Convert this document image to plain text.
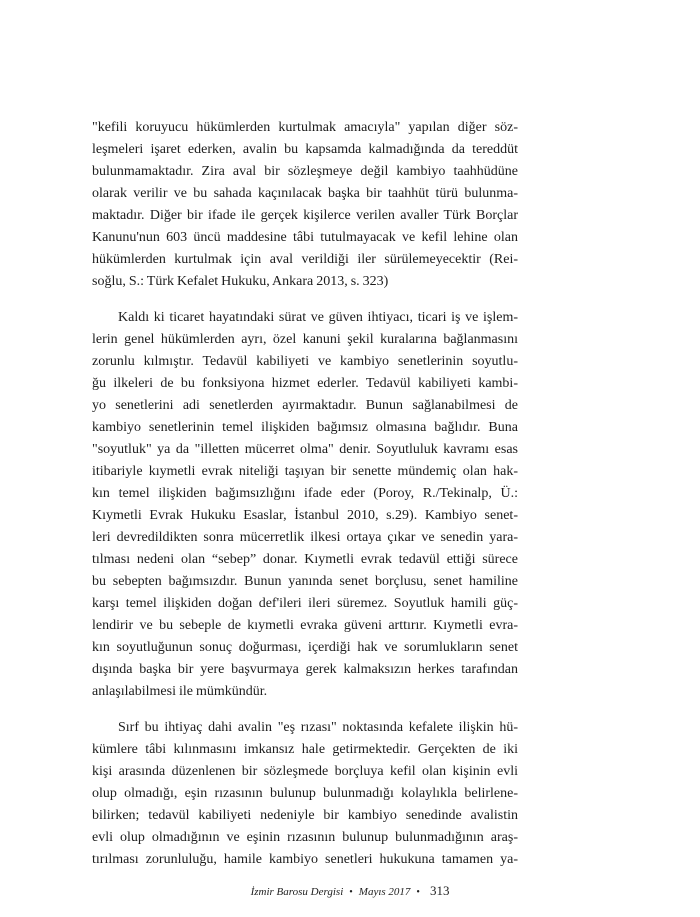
"kefili koruyucu hükümlerden kurtulmak amacıyla" yapılan diğer söz-
leşmeleri işaret ederken, avalin bu kapsamda kalmadığında da tereddüt
bulunmamaktadır. Zira aval bir sözleşmeye değil kambiyo taahhüdüne
olarak verilir ve bu sahada kaçınılacak başka bir taahhüt türü bulunma-
maktadır. Diğer bir ifade ile gerçek kişilerce verilen avaller Türk Borçlar
Kanunu'nun 603 üncü maddesine tâbi tutulmayacak ve kefil lehine olan
hükümlerden kurtulmak için aval verildiği iler sürülemeyecektir (Rei-
soğlu, S.: Türk Kefalet Hukuku, Ankara 2013, s. 323)
Kaldı ki ticaret hayatındaki sürat ve güven ihtiyacı, ticari iş ve işlem-
lerin genel hükümlerden ayrı, özel kanuni şekil kuralarına bağlanmasını
zorunlu kılmıştır. Tedavül kabiliyeti ve kambiyo senetlerinin soyutlu-
ğu ilkeleri de bu fonksiyona hizmet ederler. Tedavül kabiliyeti kambi-
yo senetlerini adi senetlerden ayırmaktadır. Bunun sağlanabilmesi de
kambiyo senetlerinin temel ilişkiden bağımsız olmasına bağlıdır. Buna
"soyutluk" ya da "illetten mücerret olma" denir. Soyutluluk kavramı esas
itibariyle kıymetli evrak niteliği taşıyan bir senette mündemiç olan hak-
kın temel ilişkiden bağımsızlığını ifade eder (Poroy, R./Tekinalp, Ü.:
Kıymetli Evrak Hukuku Esaslar, İstanbul 2010, s.29). Kambiyo senet-
leri devredildikten sonra mücerretlik ilkesi ortaya çıkar ve senedin yara-
tılması nedeni olan “sebep” donar. Kıymetli evrak tedavül ettiği sürece
bu sebepten bağımsızdır. Bunun yanında senet borçlusu, senet hamiline
karşı temel ilişkiden doğan def'ileri ileri süremez. Soyutluk hamili güç-
lendirir ve bu sebeple de kıymetli evraka güveni arttırır. Kıymetli evra-
kın soyutluğunun sonuç doğurması, içerdiği hak ve sorumlukların senet
dışında başka bir yere başvurmaya gerek kalmaksızın herkes tarafından
anlaşılabilmesi ile mümkündür.
Sırf bu ihtiyaç dahi avalin "eş rızası" noktasında kefalete ilişkin hü-
kümlere tâbi kılınmasını imkansız hale getirmektedir. Gerçekten de iki
kişi arasında düzenlenen bir sözleşmede borçluya kefil olan kişinin evli
olup olmadığı, eşin rızasının bulunup bulunmadığı kolaylıkla belirlene-
bilirken; tedavül kabiliyeti nedeniyle bir kambiyo senedinde avalistin
evli olup olmadığının ve eşinin rızasının bulunup bulunmadığının araş-
tırılması zorunluluğu, hamile kambiyo senetleri hukukuna tamamen ya-
İzmir Barosu Dergisi • Mayıs 2017 • 313
